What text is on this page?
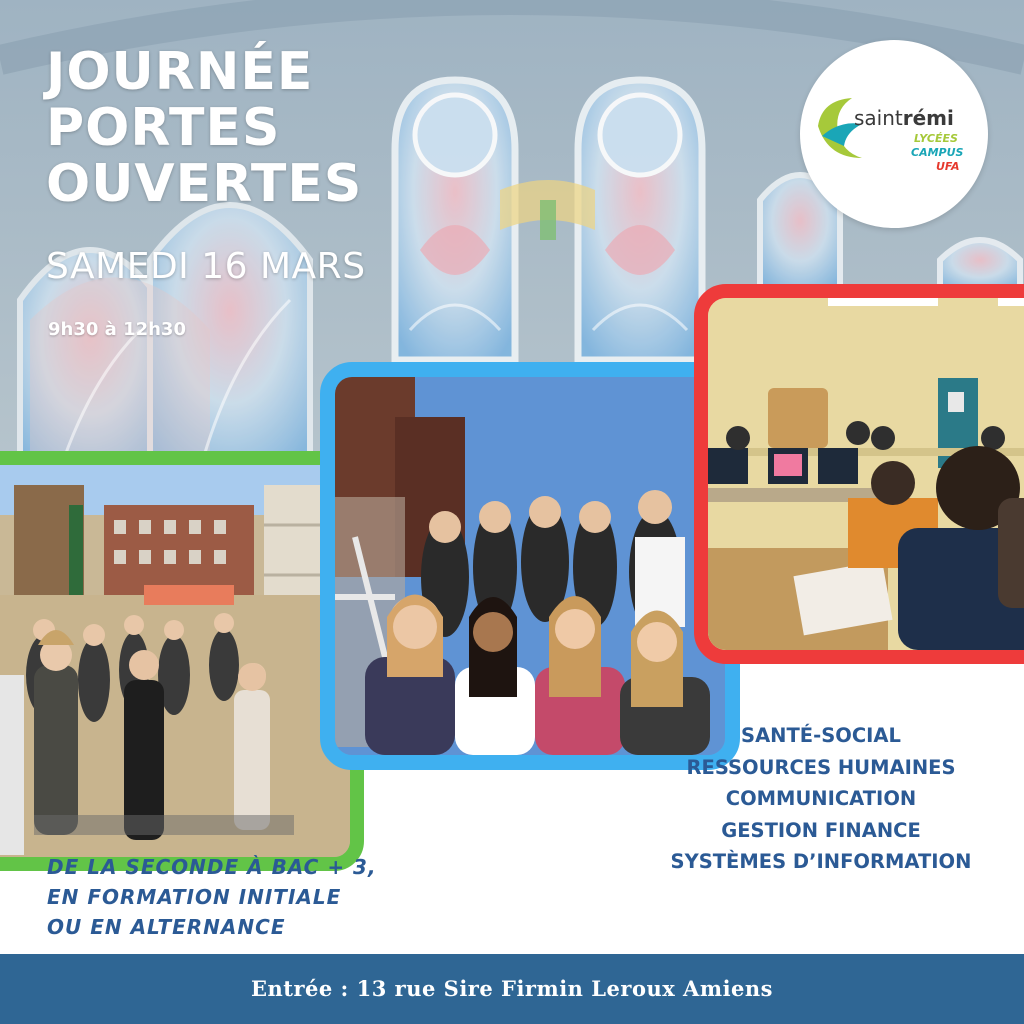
JOURNÉE
PORTES
OUVERTES
SAMEDI 16 MARS
9h30 à 12h30
saintrémi
LYCÉES
CAMPUS
UFA
SANTÉ-SOCIAL
RESSOURCES HUMAINES
COMMUNICATION
GESTION FINANCE
SYSTÈMES D’INFORMATION
DE LA SECONDE À BAC + 3,
EN FORMATION INITIALE
OU EN ALTERNANCE
Entrée : 13 rue Sire Firmin Leroux Amiens
